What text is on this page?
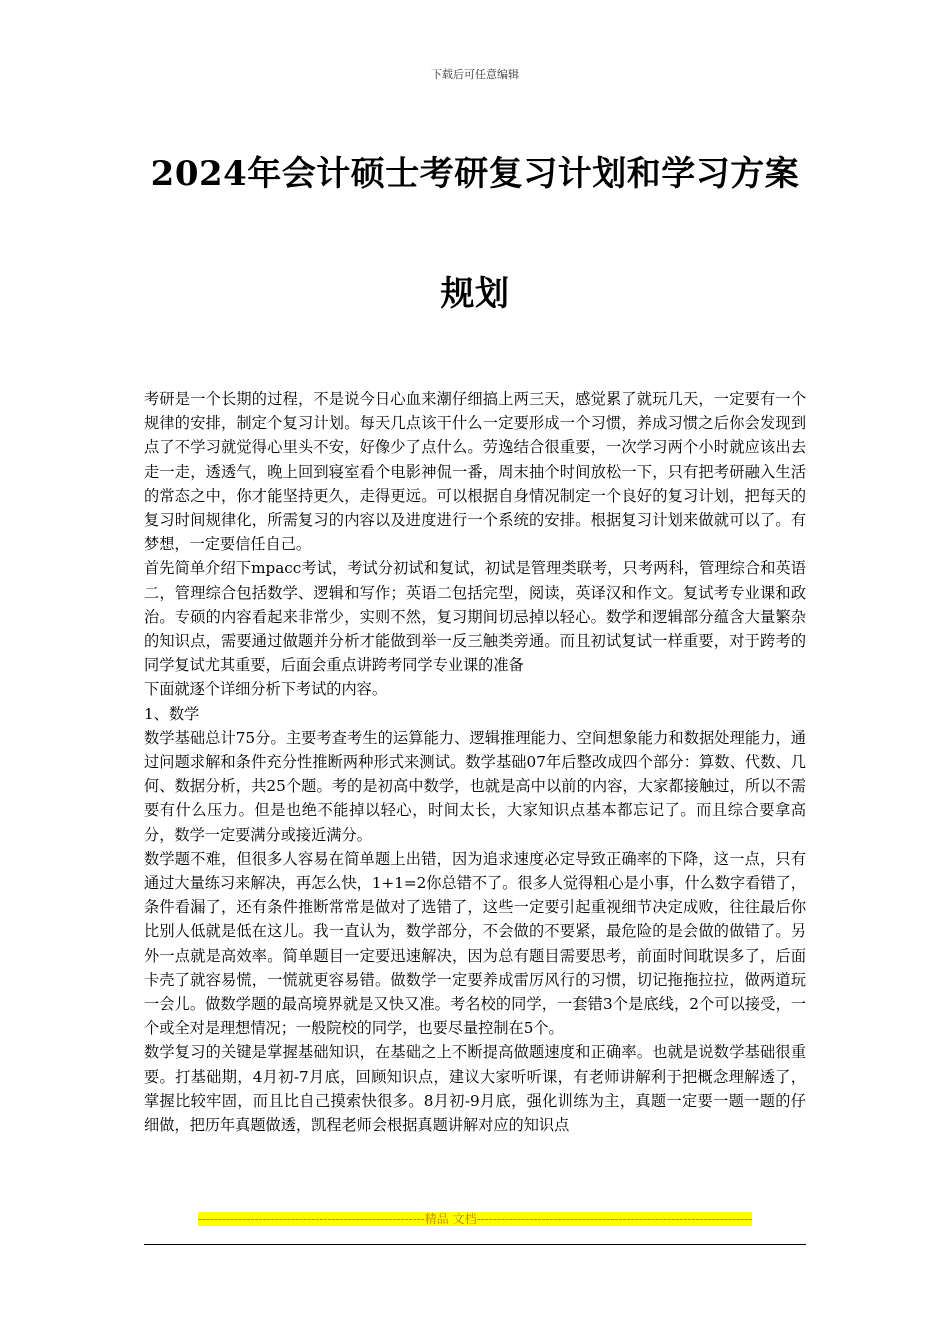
下载后可任意编辑
2024年会计硕士考研复习计划和学习方案
规划

考研是一个长期的过程，不是说今日心血来潮仔细搞上两三天，感觉累了就玩几天，一定要有一个规律的安排，制定个复习计划。每天几点该干什么一定要形成一个习惯，养成习惯之后你会发现到点了不学习就觉得心里头不安，好像少了点什么。劳逸结合很重要，一次学习两个小时就应该出去走一走，透透气，晚上回到寝室看个电影神侃一番，周末抽个时间放松一下，只有把考研融入生活的常态之中，你才能坚持更久，走得更远。可以根据自身情况制定一个良好的复习计划，把每天的复习时间规律化，所需复习的内容以及进度进行一个系统的安排。根据复习计划来做就可以了。有梦想，一定要信任自己。

首先简单介绍下mpacc考试，考试分初试和复试，初试是管理类联考，只考两科，管理综合和英语二，管理综合包括数学、逻辑和写作；英语二包括完型，阅读，英译汉和作文。复试考专业课和政治。专硕的内容看起来非常少，实则不然，复习期间切忌掉以轻心。数学和逻辑部分蕴含大量繁杂的知识点，需要通过做题并分析才能做到举一反三触类旁通。而且初试复试一样重要，对于跨考的同学复试尤其重要，后面会重点讲跨考同学专业课的准备

下面就逐个详细分析下考试的内容。

1、数学

数学基础总计75分。主要考查考生的运算能力、逻辑推理能力、空间想象能力和数据处理能力，通过问题求解和条件充分性推断两种形式来测试。数学基础07年后整改成四个部分：算数、代数、几何、数据分析，共25个题。考的是初高中数学，也就是高中以前的内容，大家都接触过，所以不需要有什么压力。但是也绝不能掉以轻心，时间太长，大家知识点基本都忘记了。而且综合要拿高分，数学一定要满分或接近满分。

数学题不难，但很多人容易在简单题上出错，因为追求速度必定导致正确率的下降，这一点，只有通过大量练习来解决，再怎么快，1+1=2你总错不了。很多人觉得粗心是小事，什么数字看错了，条件看漏了，还有条件推断常常是做对了选错了，这些一定要引起重视细节决定成败，往往最后你比别人低就是低在这儿。我一直认为，数学部分，不会做的不要紧，最危险的是会做的做错了。另外一点就是高效率。简单题目一定要迅速解决，因为总有题目需要思考，前面时间耽误多了，后面卡壳了就容易慌，一慌就更容易错。做数学一定要养成雷厉风行的习惯，切记拖拖拉拉，做两道玩一会儿。做数学题的最高境界就是又快又准。考名校的同学，一套错3个是底线，2个可以接受，一个或全对是理想情况；一般院校的同学，也要尽量控制在5个。

数学复习的关键是掌握基础知识，在基础之上不断提高做题速度和正确率。也就是说数学基础很重要。打基础期，4月初-7月底，回顾知识点，建议大家听听课，有老师讲解利于把概念理解透了，掌握比较牢固，而且比自己摸索快很多。8月初-9月底，强化训练为主，真题一定要一题一题的仔细做，把历年真题做透，凯程老师会根据真题讲解对应的知识点

--------------------------------------------------------精品 文档--------------------------------------------------------------------
